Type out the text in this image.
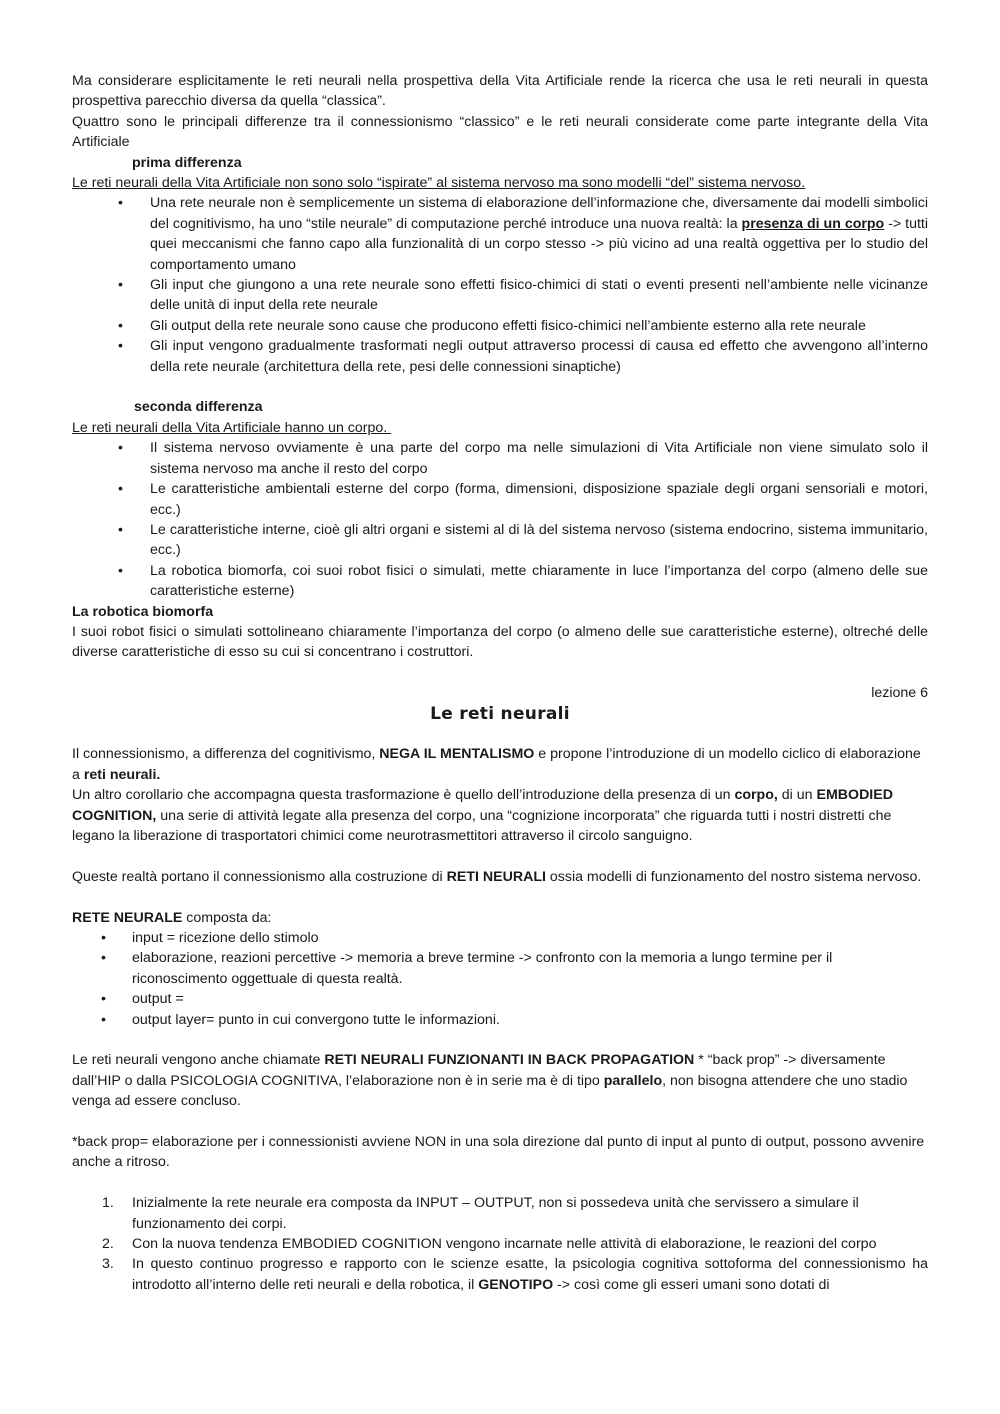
Ma considerare esplicitamente le reti neurali nella prospettiva della Vita Artificiale rende la ricerca che usa le reti neurali in questa prospettiva parecchio diversa da quella “classica”.

Quattro sono le principali differenze tra il connessionismo “classico” e le reti neurali considerate come parte integrante della Vita Artificiale

prima differenza

Le reti neurali della Vita Artificiale non sono solo “ispirate” al sistema nervoso ma sono modelli “del” sistema nervoso.

• Una rete neurale non è semplicemente un sistema di elaborazione dell’informazione che, diversamente dai modelli simbolici del cognitivismo, ha uno “stile neurale” di computazione perché introduce una nuova realtà: la presenza di un corpo -> tutti quei meccanismi che fanno capo alla funzionalità di un corpo stesso -> più vicino ad una realtà oggettiva per lo studio del comportamento umano
• Gli input che giungono a una rete neurale sono effetti fisico-chimici di stati o eventi presenti nell’ambiente nelle vicinanze delle unità di input della rete neurale
• Gli output della rete neurale sono cause che producono effetti fisico-chimici nell’ambiente esterno alla rete neurale
• Gli input vengono gradualmente trasformati negli output attraverso processi di causa ed effetto che avvengono all’interno della rete neurale (architettura della rete, pesi delle connessioni sinaptiche)

seconda differenza

Le reti neurali della Vita Artificiale hanno un corpo.

• Il sistema nervoso ovviamente è una parte del corpo ma nelle simulazioni di Vita Artificiale non viene simulato solo il sistema nervoso ma anche il resto del corpo
• Le caratteristiche ambientali esterne del corpo (forma, dimensioni, disposizione spaziale degli organi sensoriali e motori, ecc.)
• Le caratteristiche interne, cioè gli altri organi e sistemi al di là del sistema nervoso (sistema endocrino, sistema immunitario, ecc.)
• La robotica biomorfa, coi suoi robot fisici o simulati, mette chiaramente in luce l’importanza del corpo (almeno delle sue caratteristiche esterne)

La robotica biomorfa

I suoi robot fisici o simulati sottolineano chiaramente l’importanza del corpo (o almeno delle sue caratteristiche esterne), oltreché delle diverse caratteristiche di esso su cui si concentrano i costruttori.

lezione 6

Le reti neurali

Il connessionismo, a differenza del cognitivismo, NEGA IL MENTALISMO e propone l’introduzione di un modello ciclico di elaborazione a reti neurali.

Un altro corollario che accompagna questa trasformazione è quello dell’introduzione della presenza di un corpo, di un EMBODIED COGNITION, una serie di attività legate alla presenza del corpo, una “cognizione incorporata” che riguarda tutti i nostri distretti che legano la liberazione di trasportatori chimici come neurotrasmettitori attraverso il circolo sanguigno.

Queste realtà portano il connessionismo alla costruzione di RETI NEURALI ossia modelli di funzionamento del nostro sistema nervoso.

RETE NEURALE composta da:

• input = ricezione dello stimolo
• elaborazione, reazioni percettive -> memoria a breve termine -> confronto con la memoria a lungo termine per il riconoscimento oggettuale di questa realtà.
• output =
• output layer= punto in cui convergono tutte le informazioni.

Le reti neurali vengono anche chiamate RETI NEURALI FUNZIONANTI IN BACK PROPAGATION * “back prop” -> diversamente dall’HIP o dalla PSICOLOGIA COGNITIVA, l’elaborazione non è in serie ma è di tipo parallelo, non bisogna attendere che uno stadio venga ad essere concluso.

*back prop= elaborazione per i connessionisti avviene NON in una sola direzione dal punto di input al punto di output, possono avvenire anche a ritroso.

1. Inizialmente la rete neurale era composta da INPUT – OUTPUT, non si possedeva unità che servissero a simulare il funzionamento dei corpi.
2. Con la nuova tendenza EMBODIED COGNITION vengono incarnate nelle attività di elaborazione, le reazioni del corpo
3. In questo continuo progresso e rapporto con le scienze esatte, la psicologia cognitiva sottoforma del connessionismo ha introdotto all’interno delle reti neurali e della robotica, il GENOTIPO -> così come gli esseri umani sono dotati di
